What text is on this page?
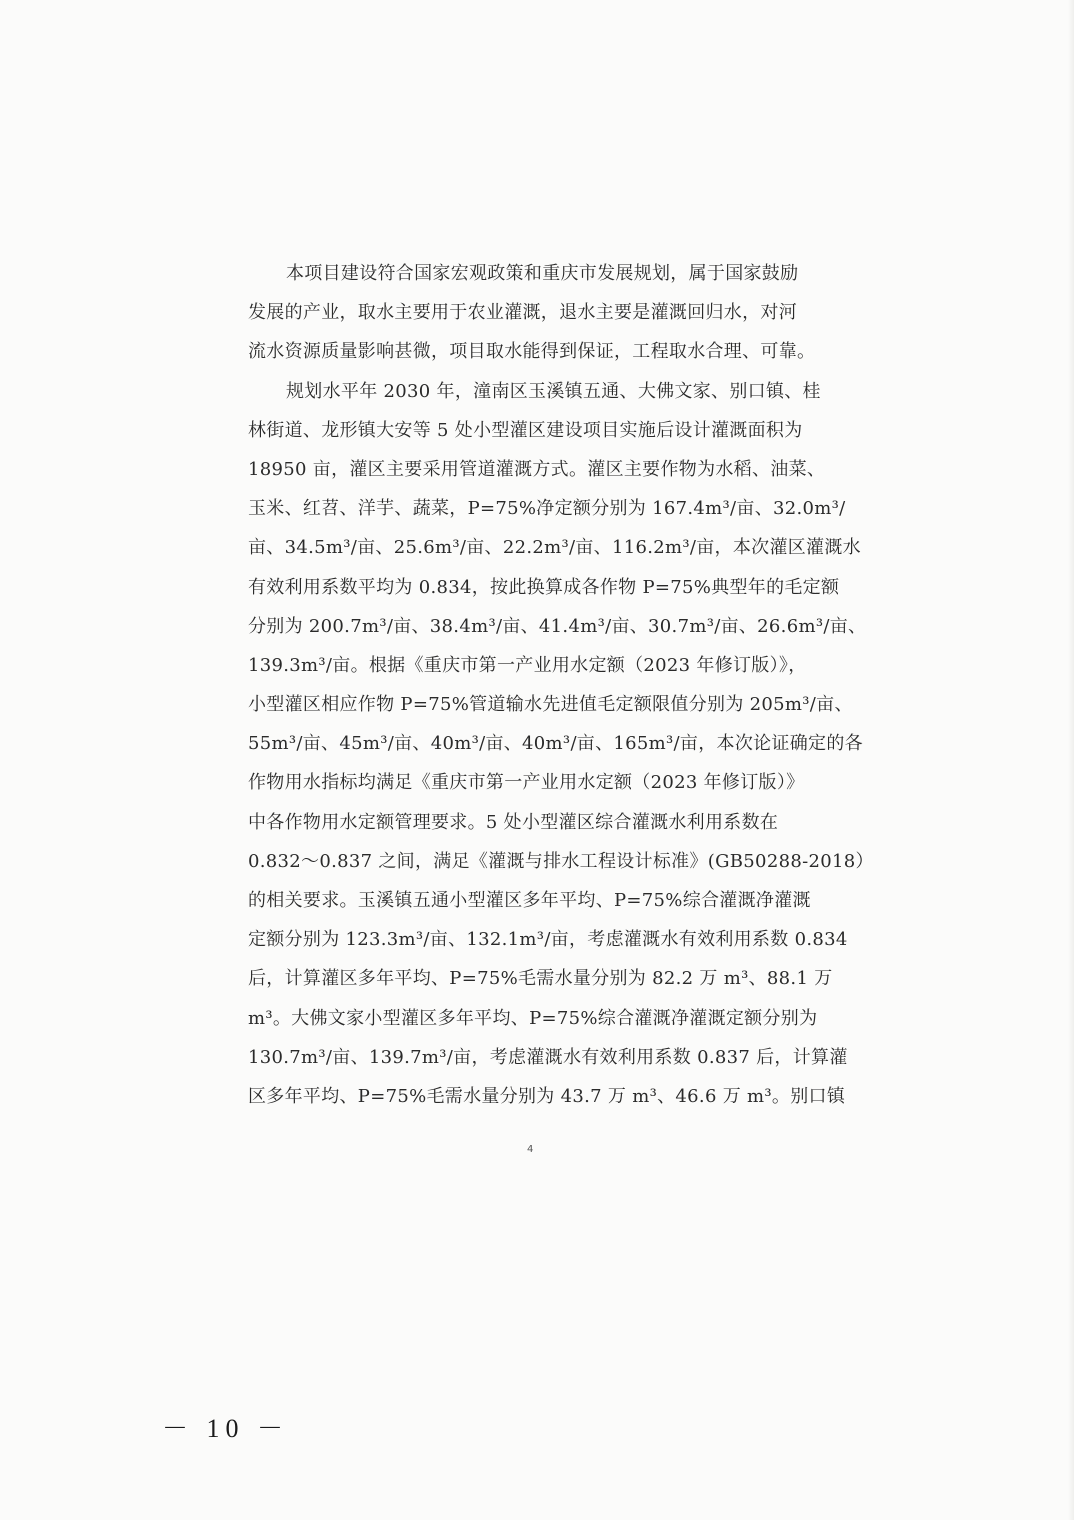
本项目建设符合国家宏观政策和重庆市发展规划，属于国家鼓励
发展的产业，取水主要用于农业灌溉，退水主要是灌溉回归水，对河
流水资源质量影响甚微，项目取水能得到保证，工程取水合理、可靠。
规划水平年 2030 年，潼南区玉溪镇五通、大佛文家、别口镇、桂
林街道、龙形镇大安等 5 处小型灌区建设项目实施后设计灌溉面积为
18950 亩，灌区主要采用管道灌溉方式。灌区主要作物为水稻、油菜、
玉米、红苕、洋芋、蔬菜，P=75%净定额分别为 167.4m³/亩、32.0m³/
亩、34.5m³/亩、25.6m³/亩、22.2m³/亩、116.2m³/亩，本次灌区灌溉水
有效利用系数平均为 0.834，按此换算成各作物 P=75%典型年的毛定额
分别为 200.7m³/亩、38.4m³/亩、41.4m³/亩、30.7m³/亩、26.6m³/亩、
139.3m³/亩。根据《重庆市第一产业用水定额（2023 年修订版）》，
小型灌区相应作物 P=75%管道输水先进值毛定额限值分别为 205m³/亩、
55m³/亩、45m³/亩、40m³/亩、40m³/亩、165m³/亩，本次论证确定的各
作物用水指标均满足《重庆市第一产业用水定额（2023 年修订版）》
中各作物用水定额管理要求。5 处小型灌区综合灌溉水利用系数在
0.832～0.837 之间，满足《灌溉与排水工程设计标准》(GB50288-2018）
的相关要求。玉溪镇五通小型灌区多年平均、P=75%综合灌溉净灌溉
定额分别为 123.3m³/亩、132.1m³/亩，考虑灌溉水有效利用系数 0.834
后，计算灌区多年平均、P=75%毛需水量分别为 82.2 万 m³、88.1 万
m³。大佛文家小型灌区多年平均、P=75%综合灌溉净灌溉定额分别为
130.7m³/亩、139.7m³/亩，考虑灌溉水有效利用系数 0.837 后，计算灌
区多年平均、P=75%毛需水量分别为 43.7 万 m³、46.6 万 m³。别口镇
4
－ 10 －
